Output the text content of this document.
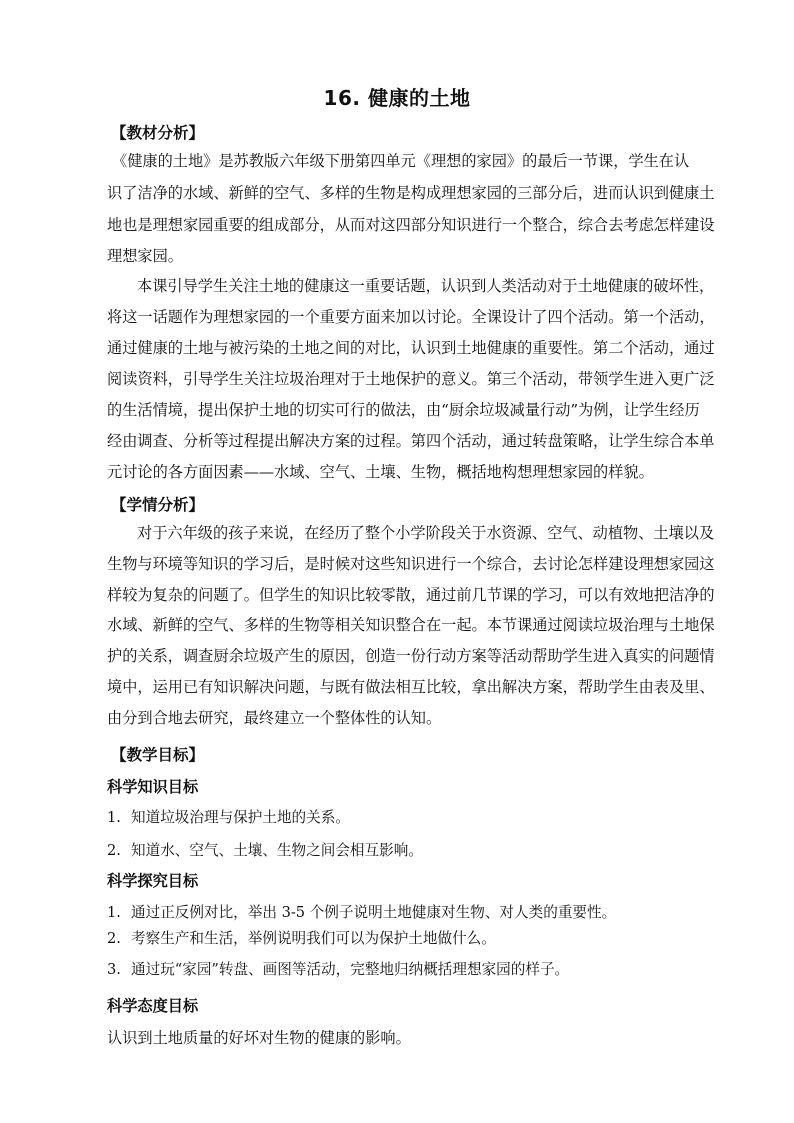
16. 健康的土地
【教材分析】
《健康的土地》是苏教版六年级下册第四单元《理想的家园》的最后一节课，学生在认
识了洁净的水域、新鲜的空气、多样的生物是构成理想家园的三部分后，进而认识到健康土
地也是理想家园重要的组成部分，从而对这四部分知识进行一个整合，综合去考虑怎样建设
理想家园。
本课引导学生关注土地的健康这一重要话题，认识到人类活动对于土地健康的破坏性，
将这一话题作为理想家园的一个重要方面来加以讨论。全课设计了四个活动。第一个活动，
通过健康的土地与被污染的土地之间的对比，认识到土地健康的重要性。第二个活动，通过
阅读资料，引导学生关注垃圾治理对于土地保护的意义。第三个活动，带领学生进入更广泛
的生活情境，提出保护土地的切实可行的做法，由“厨余垃圾减量行动”为例，让学生经历
经由调查、分析等过程提出解决方案的过程。第四个活动，通过转盘策略，让学生综合本单
元讨论的各方面因素——水域、空气、土壤、生物，概括地构想理想家园的样貌。
【学情分析】
对于六年级的孩子来说，在经历了整个小学阶段关于水资源、空气、动植物、土壤以及
生物与环境等知识的学习后，是时候对这些知识进行一个综合，去讨论怎样建设理想家园这
样较为复杂的问题了。但学生的知识比较零散，通过前几节课的学习，可以有效地把洁净的
水域、新鲜的空气、多样的生物等相关知识整合在一起。本节课通过阅读垃圾治理与土地保
护的关系，调查厨余垃圾产生的原因，创造一份行动方案等活动帮助学生进入真实的问题情
境中，运用已有知识解决问题，与既有做法相互比较，拿出解决方案，帮助学生由表及里、
由分到合地去研究，最终建立一个整体性的认知。
【教学目标】
科学知识目标
1. 知道垃圾治理与保护土地的关系。
2. 知道水、空气、土壤、生物之间会相互影响。
科学探究目标
1. 通过正反例对比，举出 3-5 个例子说明土地健康对生物、对人类的重要性。
2. 考察生产和生活，举例说明我们可以为保护土地做什么。
3. 通过玩“家园”转盘、画图等活动，完整地归纳概括理想家园的样子。
科学态度目标
认识到土地质量的好坏对生物的健康的影响。
